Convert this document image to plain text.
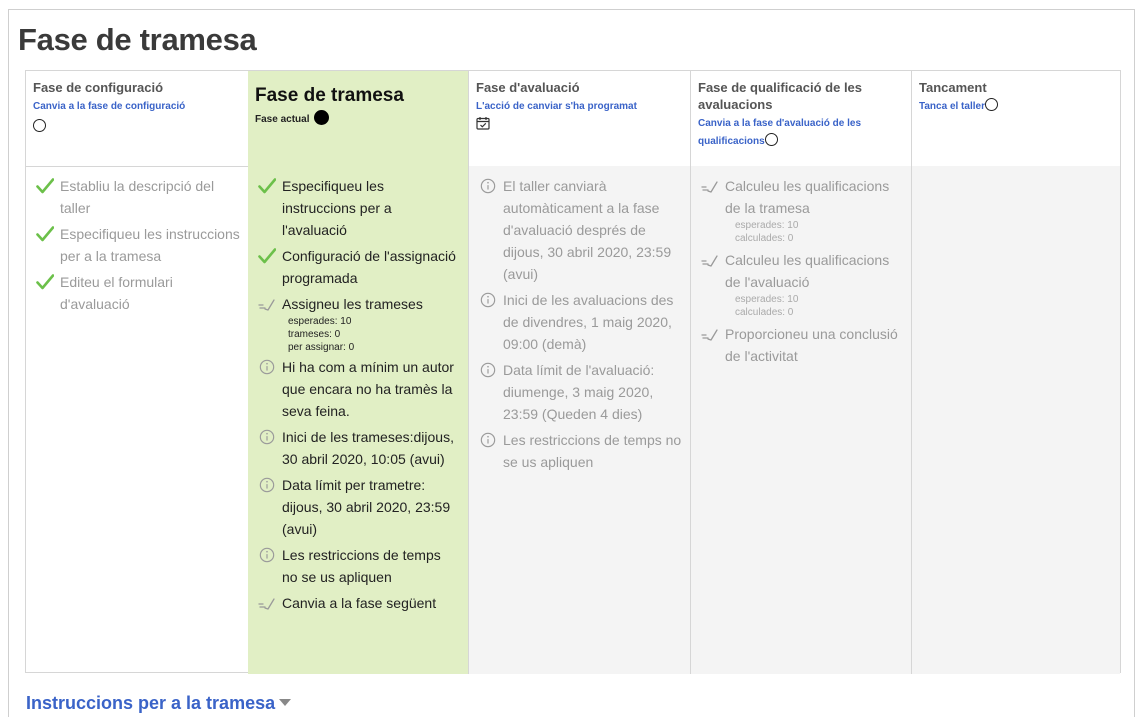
Fase de tramesa
Fase de configuració
Canvia a la fase de configuració
Establiu la descripció del taller
Especifiqueu les instruccions per a la tramesa
Editeu el formulari d'avaluació
Fase de tramesa
Fase actual
Especifiqueu les instruccions per a l'avaluació
Configuració de l'assignació programada
Assigneu les trameses
esperades: 10
trameses: 0
per assignar: 0
Hi ha com a mínim un autor que encara no ha tramès la seva feina.
Inici de les trameses:dijous, 30 abril 2020, 10:05 (avui)
Data límit per trametre: dijous, 30 abril 2020, 23:59 (avui)
Les restriccions de temps no se us apliquen
Canvia a la fase següent
Fase d'avaluació
L'acció de canviar s'ha programat
El taller canviarà automàticament a la fase d'avaluació després de dijous, 30 abril 2020, 23:59 (avui)
Inici de les avaluacions des de divendres, 1 maig 2020, 09:00 (demà)
Data límit de l'avaluació: diumenge, 3 maig 2020, 23:59 (Queden 4 dies)
Les restriccions de temps no se us apliquen
Fase de qualificació de les avaluacions
Canvia a la fase d'avaluació de les qualificacions
Calculeu les qualificacions de la tramesa
esperades: 10
calculades: 0
Calculeu les qualificacions de l'avaluació
esperades: 10
calculades: 0
Proporcioneu una conclusió de l'activitat
Tancament
Tanca el taller
Instruccions per a la tramesa
